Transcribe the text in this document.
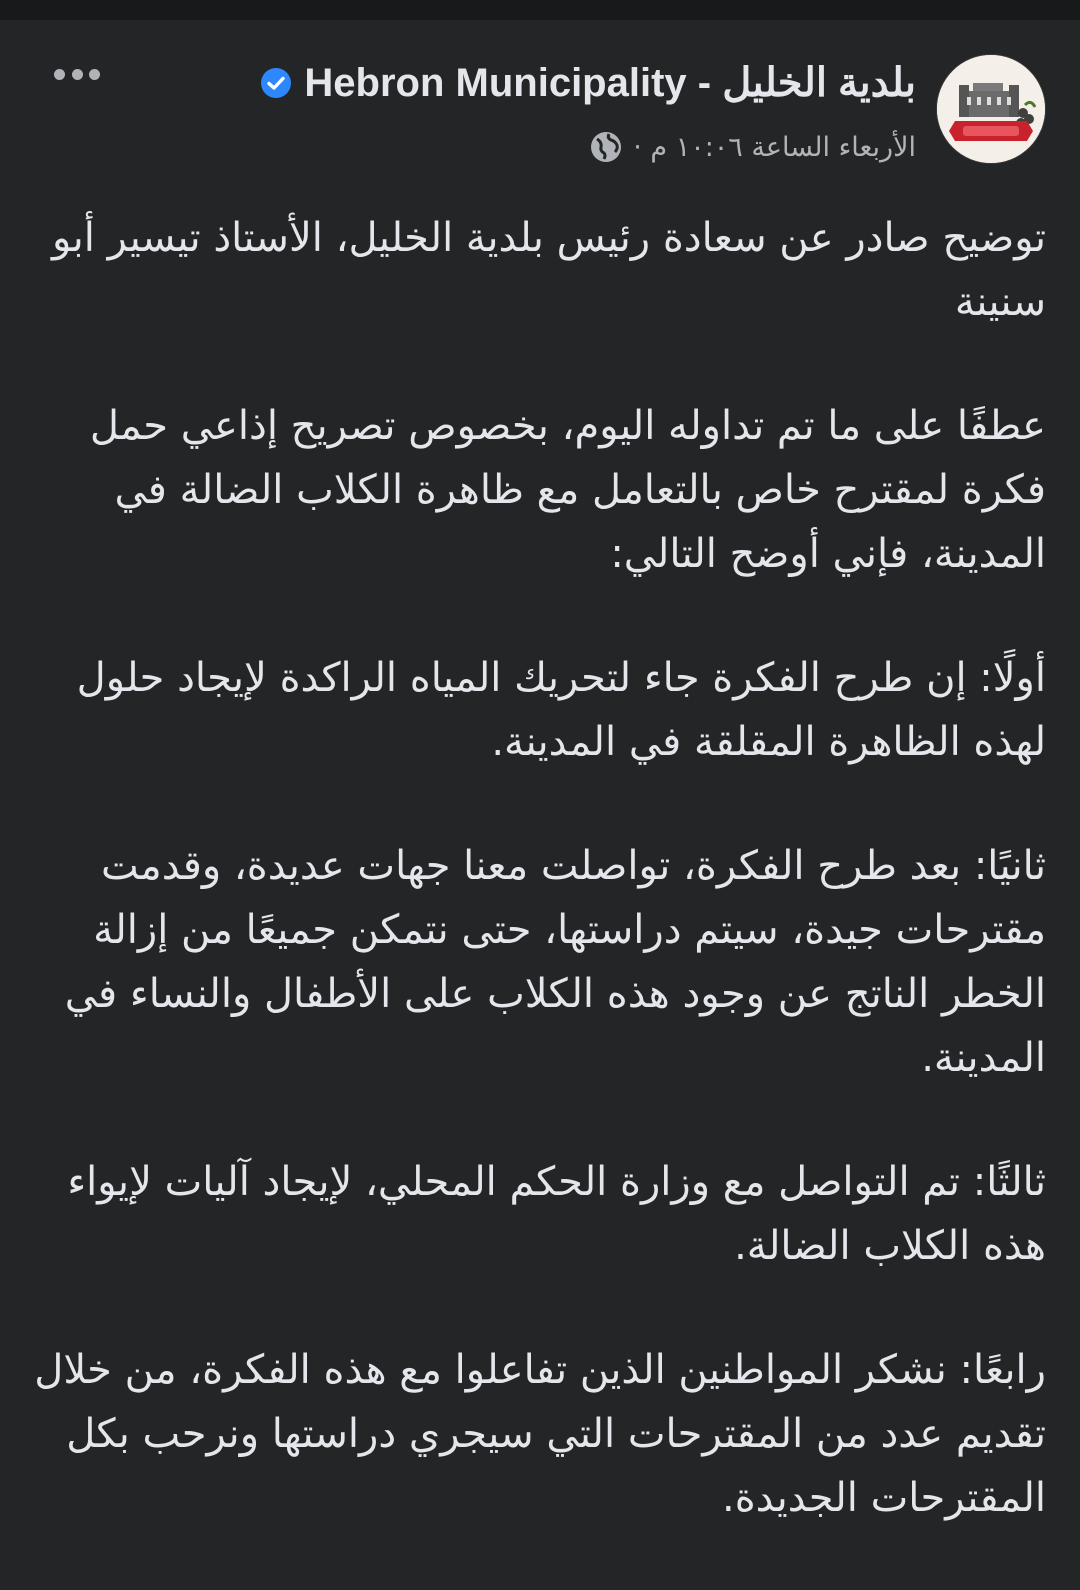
Hebron Municipality - بلدية الخليل
الأربعاء الساعة ١٠:٠٦ م ·

توضيح صادر عن سعادة رئيس بلدية الخليل، الأستاذ تيسير أبو سنينة

عطفًا على ما تم تداوله اليوم، بخصوص تصريح إذاعي حمل فكرة لمقترح خاص بالتعامل مع ظاهرة الكلاب الضالة في المدينة، فإني أوضح التالي:

أولًا: إن طرح الفكرة جاء لتحريك المياه الراكدة لإيجاد حلول لهذه الظاهرة المقلقة في المدينة.

ثانيًا: بعد طرح الفكرة، تواصلت معنا جهات عديدة، وقدمت مقترحات جيدة، سيتم دراستها، حتى نتمكن جميعًا من إزالة الخطر الناتج عن وجود هذه الكلاب على الأطفال والنساء في المدينة.

ثالثًا: تم التواصل مع وزارة الحكم المحلي، لإيجاد آليات لإيواء هذه الكلاب الضالة.

رابعًا: نشكر المواطنين الذين تفاعلوا مع هذه الفكرة، من خلال تقديم عدد من المقترحات التي سيجري دراستها ونرحب بكل المقترحات الجديدة.
